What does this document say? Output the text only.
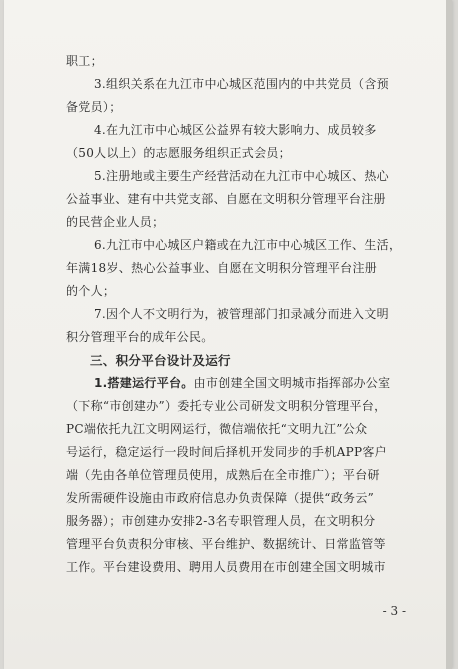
职工；
3.组织关系在九江市中心城区范围内的中共党员（含预
备党员）；
4.在九江市中心城区公益界有较大影响力、成员较多
（50人以上）的志愿服务组织正式会员；
5.注册地或主要生产经营活动在九江市中心城区、热心
公益事业、建有中共党支部、自愿在文明积分管理平台注册
的民营企业人员；
6.九江市中心城区户籍或在九江市中心城区工作、生活，
年满18岁、热心公益事业、自愿在文明积分管理平台注册
的个人；
7.因个人不文明行为，被管理部门扣录减分而进入文明
积分管理平台的成年公民。
三、积分平台设计及运行
1.搭建运行平台。由市创建全国文明城市指挥部办公室
（下称“市创建办”）委托专业公司研发文明积分管理平台，
PC端依托九江文明网运行，微信端依托“文明九江”公众
号运行，稳定运行一段时间后择机开发同步的手机APP客户
端（先由各单位管理员使用，成熟后在全市推广）；平台研
发所需硬件设施由市政府信息办负责保障（提供“政务云”
服务器）；市创建办安排2-3名专职管理人员，在文明积分
管理平台负责积分审核、平台维护、数据统计、日常监管等
工作。平台建设费用、聘用人员费用在市创建全国文明城市
- 3 -
